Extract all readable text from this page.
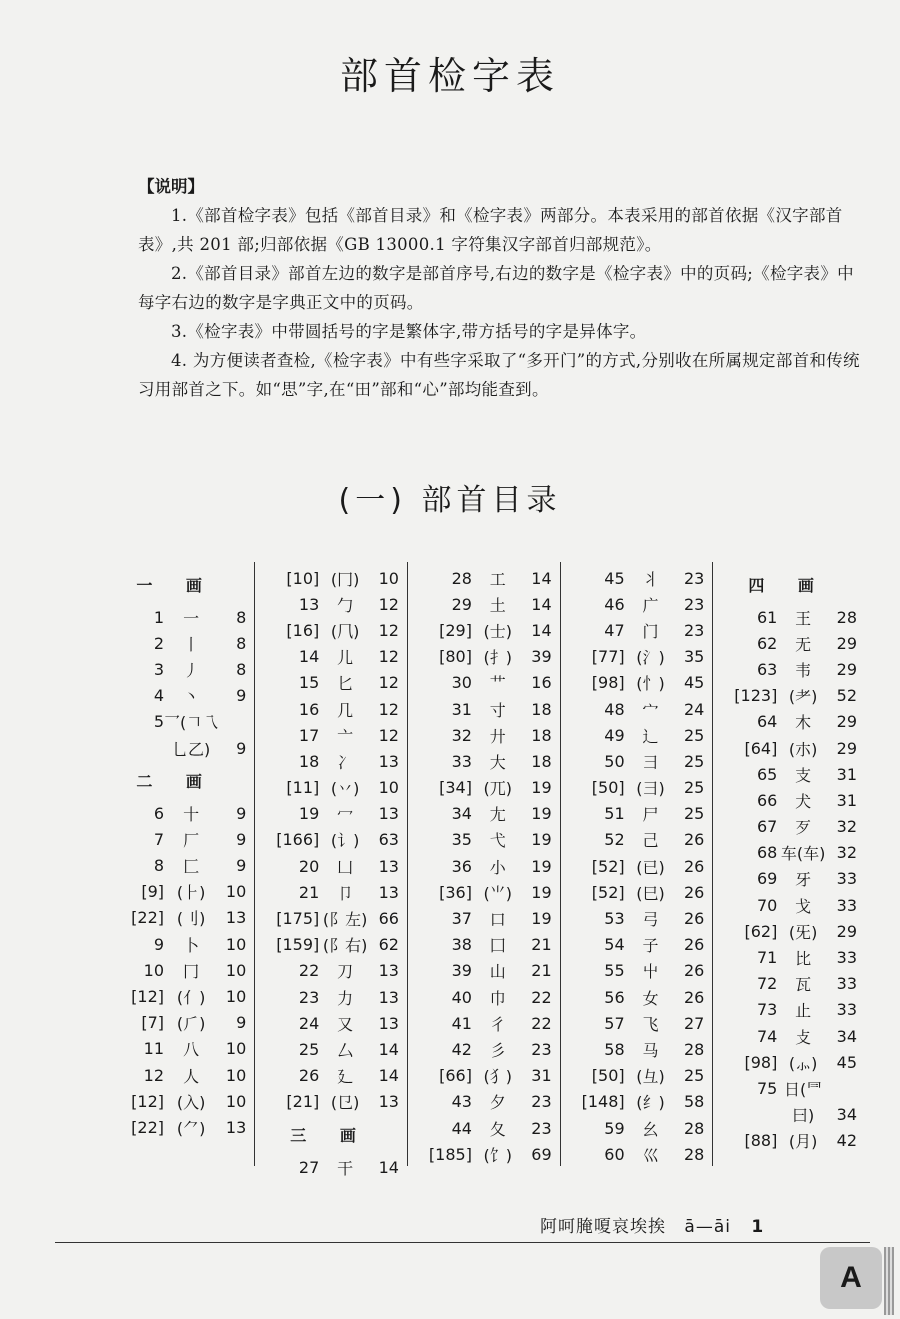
部首检字表
【说明】

1.《部首检字表》包括《部首目录》和《检字表》两部分。本表采用的部首依据《汉字部首表》,共 201 部;归部依据《GB 13000.1 字符集汉字部首归部规范》。

2.《部首目录》部首左边的数字是部首序号,右边的数字是《检字表》中的页码;《检字表》中每字右边的数字是字典正文中的页码。

3.《检字表》中带圆括号的字是繁体字,带方括号的字是异体字。

4. 为方便读者查检,《检字表》中有些字采取了“多开门”的方式,分别收在所属规定部首和传统习用部首之下。如“思”字,在“田”部和“心”部均能查到。

(一) 部首目录
一 画
1	一	8
2	丨	8
3	丿	8
4	丶	9
5 乛(𠃍乁
乚乙)	9
二 画
6	十	9
7	厂	9
8	匚	9
[9] (⺊)	10
[22] (刂)	13
9	卜	10
10	冂	10
[12] (亻)	10
[7] (⺁)	9
11	八	10
12	人	10
[12] (入)	10
[22] (⺈)	13
[10] (冂)	10
13	勹	12
[16] (⺇)	12
14	儿	12
15	匕	12
16	几	12
17	亠	12
18	冫	13
[11] (丷)	10
19	冖	13
[166] (讠)	63
20	凵	13
21	卩	13
[175] (阝左) 66
[159] (阝右) 62
22	刀	13
23	力	13
24	又	13
25	厶	14
26	廴	14
[21] (㔾)	13
三 画
27	干	14
28	工	14
29	土	14
[29] (士)	14
[80] (扌)	39
30	艹	16
31	寸	18
32	廾	18
33	大	18
[34] (兀)	19
34	尢	19
35	弋	19
36	小	19
[36] (⺌)	19
37	口	19
38	囗	21
39	山	21
40	巾	22
41	彳	22
42	彡	23
[66] (犭)	31
43	夕	23
44	夂	23
[185] (饣)	69
45	丬	23
46	广	23
47	门	23
[77] (氵)	35
[98] (忄)	45
48	宀	24
49	辶	25
50	彐	25
[50] (⺕)	25
51	尸	25
52	己	26
[52] (已)	26
[52] (巳)	26
53	弓	26
54	子	26
55	屮	26
56	女	26
57	飞	27
58	马	28
[50] (彑)	25
[148] (纟)	58
59	幺	28
60	巛	28
四 画
61	王	28
62	无	29
63	韦	29
[123] (⺹)	52
64	木	29
[64] (朩)	29
65	支	31
66	犬	31
67	歹	32
68 车(车) 32
69	牙	33
70	戈	33
[62] (旡)	29
71	比	33
72	瓦	33
73	止	33
74	攴	34
[98] (⺗)	45
75 日(⺜
曰)	34
[88] (月)	42
阿呵腌嗄哀埃挨 ā—āi 1
A
